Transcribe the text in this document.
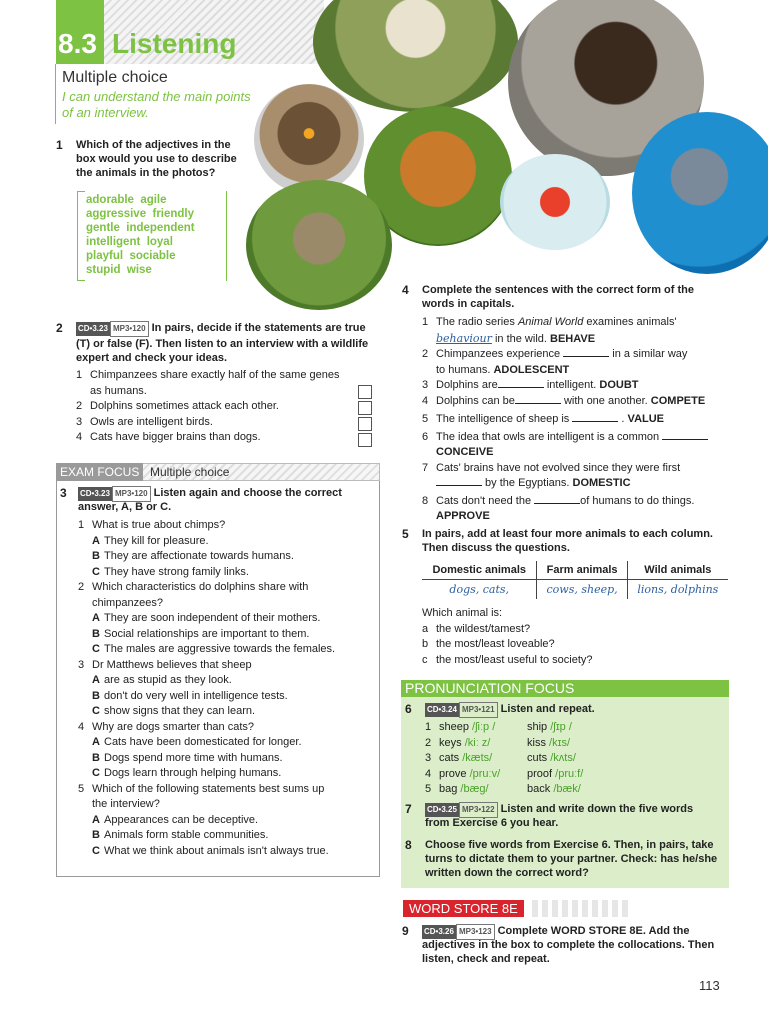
8.3 Listening
Multiple choice
I can understand the main points of an interview.
1 Which of the adjectives in the box would you use to describe the animals in the photos?
adorable  agile
aggressive  friendly
gentle  independent
intelligent  loyal
playful  sociable
stupid  wise
2 CD•3.23 MP3•120 In pairs, decide if the statements are true (T) or false (F). Then listen to an interview with a wildlife expert and check your ideas.
1 Chimpanzees share exactly half of the same genes
as humans.
2 Dolphins sometimes attack each other.
3 Owls are intelligent birds.
4 Cats have bigger brains than dogs.
EXAM FOCUS Multiple choice
3 CD•3.23 MP3•120 Listen again and choose the correct
answer, A, B or C.
1 What is true about chimps?
A They kill for pleasure.
B They are affectionate towards humans.
C They have strong family links.
2 Which characteristics do dolphins share with
chimpanzees?
A They are soon independent of their mothers.
B Social relationships are important to them.
C The males are aggressive towards the females.
3 Dr Matthews believes that sheep
A are as stupid as they look.
B don't do very well in intelligence tests.
C show signs that they can learn.
4 Why are dogs smarter than cats?
A Cats have been domesticated for longer.
B Dogs spend more time with humans.
C Dogs learn through helping humans.
5 Which of the following statements best sums up
the interview?
A Appearances can be deceptive.
B Animals form stable communities.
C What we think about animals isn't always true.
4 Complete the sentences with the correct form of the words in capitals.
1 The radio series Animal World examines animals'
behaviour in the wild. BEHAVE
2 Chimpanzees experience	in a similar way
to humans. ADOLESCENT
3 Dolphins are	intelligent. DOUBT
4 Dolphins can be	with one another. COMPETE
5 The intelligence of sheep is	. VALUE
6 The idea that owls are intelligent is a common
CONCEIVE
7 Cats' brains have not evolved since they were first
by the Egyptians. DOMESTIC
8 Cats don't need the	of humans to do things.
APPROVE
5 In pairs, add at least four more animals to each column. Then discuss the questions.
Domestic animals	Farm animals	Wild animals
dogs, cats,	cows, sheep,	lions, dolphins
Which animal is:
a the wildest/tamest?
b the most/least loveable?
c the most/least useful to society?
PRONUNCIATION FOCUS
6 CD•3.24 MP3•121 Listen and repeat.
1 sheep /ʃiːp /	ship /ʃɪp /
2 keys /kiː z/	kiss /kɪs/
3 cats /kæts/	cuts /kʌts/
4 prove /pruːv/ proof /pruːf/
5 bag /bæg/	back /bæk/
7 CD•3.25 MP3•122 Listen and write down the five words
from Exercise 6 you hear.
8 Choose five words from Exercise 6. Then, in pairs, take turns to dictate them to your partner. Check: has he/she written down the correct word?
WORD STORE 8E
9 CD•3.26 MP3•123 Complete WORD STORE 8E. Add the
adjectives in the box to complete the collocations. Then listen, check and repeat.
113
